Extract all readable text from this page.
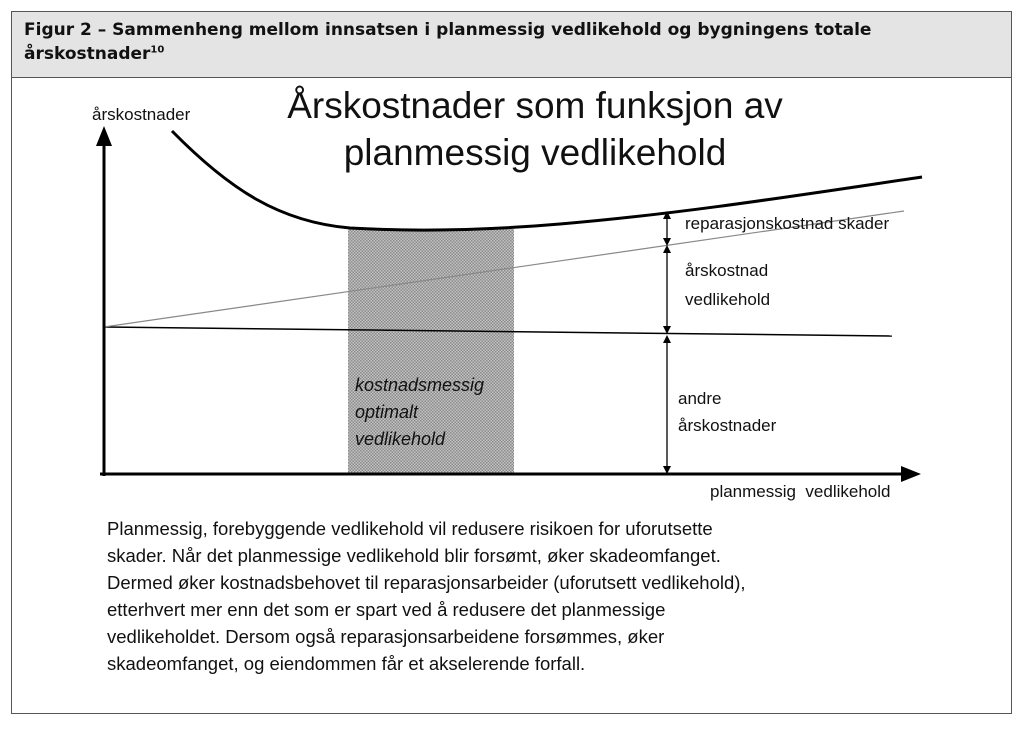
Figur 2 – Sammenheng mellom innsatsen i planmessig vedlikehold og bygningens totale årskostnader$^{10}$
årskostnader	Årskostnader som funksjon av
planmessig vedlikehold
reparasjonskostnad skader
årskostnad
vedlikehold
andre
årskostnader
kostnadsmessig
optimalt
vedlikehold
planmessig  vedlikehold
Planmessig, forebyggende vedlikehold vil redusere risikoen for uforutsette
skader. Når det planmessige vedlikehold blir forsømt, øker skadeomfanget.
Dermed øker kostnadsbehovet til reparasjonsarbeider (uforutsett vedlikehold),
etterhvert mer enn det som er spart ved å redusere det planmessige
vedlikeholdet. Dersom også reparasjonsarbeidene forsømmes, øker
skadeomfanget, og eiendommen får et akselerende forfall.
